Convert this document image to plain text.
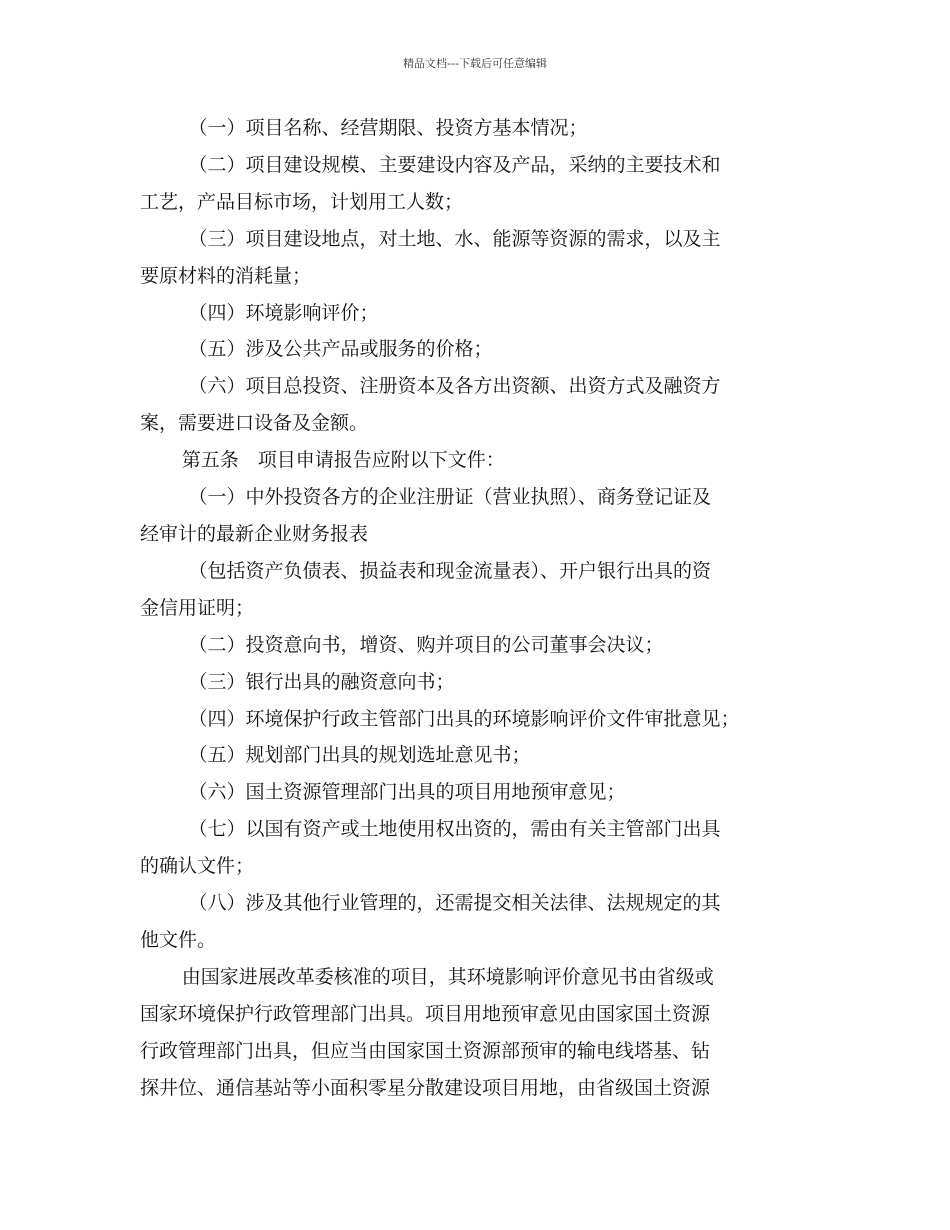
精品文档---下载后可任意编辑

（一）项目名称、经营期限、投资方基本情况；

（二）项目建设规模、主要建设内容及产品，采纳的主要技术和
工艺，产品目标市场，计划用工人数；

（三）项目建设地点，对土地、水、能源等资源的需求，以及主
要原材料的消耗量；

（四）环境影响评价；

（五）涉及公共产品或服务的价格；

（六）项目总投资、注册资本及各方出资额、出资方式及融资方
案，需要进口设备及金额。

第五条　项目申请报告应附以下文件：

（一）中外投资各方的企业注册证（营业执照）、商务登记证及
经审计的最新企业财务报表

（包括资产负债表、损益表和现金流量表）、开户银行出具的资
金信用证明；

（二）投资意向书，增资、购并项目的公司董事会决议；

（三）银行出具的融资意向书；

（四）环境保护行政主管部门出具的环境影响评价文件审批意见；

（五）规划部门出具的规划选址意见书；

（六）国土资源管理部门出具的项目用地预审意见；

（七）以国有资产或土地使用权出资的，需由有关主管部门出具
的确认文件；

（八）涉及其他行业管理的，还需提交相关法律、法规规定的其
他文件。

由国家进展改革委核准的项目，其环境影响评价意见书由省级或
国家环境保护行政管理部门出具。项目用地预审意见由国家国土资源
行政管理部门出具，但应当由国家国土资源部预审的输电线塔基、钻
探井位、通信基站等小面积零星分散建设项目用地，由省级国土资源
